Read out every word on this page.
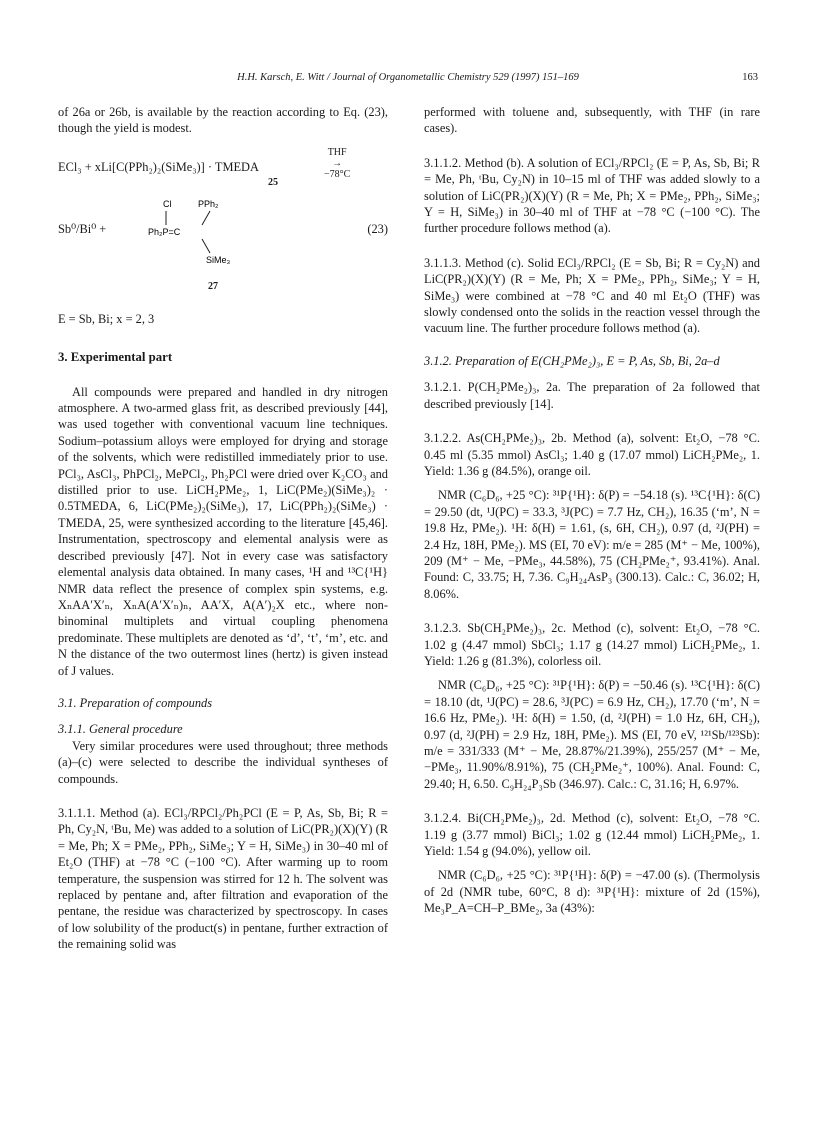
H.H. Karsch, E. Witt / Journal of Organometallic Chemistry 529 (1997) 151–169	163

of 26a or 26b, is available by the reaction according to Eq. (23), though the yield is modest.

ECl₃ + xLi[C(PPh₂)₂(SiMe₃)] · TMEDA
25
THF
→
−78°C
Sb⁰/Bi⁰ +
Cl	PPh₂
Ph₂P=C
SiMe₃
(23)
27

E = Sb, Bi; x = 2, 3

3. Experimental part

All compounds were prepared and handled in dry nitrogen atmosphere. A two-armed glass frit, as described previously [44], was used together with conventional vacuum line techniques. Sodium–potassium alloys were employed for drying and storage of the solvents, which were redistilled immediately prior to use. PCl₃, AsCl₃, PhPCl₂, MePCl₂, Ph₂PCl were dried over K₂CO₃ and distilled prior to use. LiCH₂PMe₂, 1, LiC(PMe₂)(SiMe₃)₂ · 0.5TMEDA, 6, LiC(PMe₂)₂(SiMe₃), 17, LiC(PPh₂)₂(SiMe₃) · TMEDA, 25, were synthesized according to the literature [45,46]. Instrumentation, spectroscopy and elemental analysis were as described previously [47]. Not in every case was satisfactory elemental analysis data obtained. In many cases, ¹H and ¹³C{¹H} NMR data reflect the presence of complex spin systems, e.g. XₙAA′X′ₙ, XₙA(A′X′ₙ)ₙ, AA′X, A(A′)₂X etc., where non-binominal multiplets and virtual coupling phenomena predominate. These multiplets are denoted as ‘d’, ‘t’, ‘m’, etc. and N the distance of the two outermost lines (hertz) is given instead of J values.

3.1. Preparation of compounds

3.1.1. General procedure

Very similar procedures were used throughout; three methods (a)–(c) were selected to describe the individual syntheses of compounds.

3.1.1.1. Method (a). ECl₃/RPCl₂/Ph₂PCl (E = P, As, Sb, Bi; R = Ph, Cy₂N, ᵗBu, Me) was added to a solution of LiC(PR₂)(X)(Y) (R = Me, Ph; X = PMe₂, PPh₂, SiMe₃; Y = H, SiMe₃) in 30–40 ml of Et₂O (THF) at −78 °C (−100 °C). After warming up to room temperature, the suspension was stirred for 12 h. The solvent was replaced by pentane and, after filtration and evaporation of the pentane, the residue was characterized by spectroscopy. In cases of low solubility of the product(s) in pentane, further extraction of the remaining solid was

performed with toluene and, subsequently, with THF (in rare cases).

3.1.1.2. Method (b). A solution of ECl₃/RPCl₂ (E = P, As, Sb, Bi; R = Me, Ph, ᵗBu, Cy₂N) in 10–15 ml of THF was added slowly to a solution of LiC(PR₂)(X)(Y) (R = Me, Ph; X = PMe₂, PPh₂, SiMe₃; Y = H, SiMe₃) in 30–40 ml of THF at −78 °C (−100 °C). The further procedure follows method (a).

3.1.1.3. Method (c). Solid ECl₃/RPCl₂ (E = Sb, Bi; R = Cy₂N) and LiC(PR₂)(X)(Y) (R = Me, Ph; X = PMe₂, PPh₂, SiMe₃; Y = H, SiMe₃) were combined at −78 °C and 40 ml Et₂O (THF) was slowly condensed onto the solids in the reaction vessel through the vacuum line. The further procedure follows method (a).

3.1.2. Preparation of E(CH₂PMe₂)₃, E = P, As, Sb, Bi, 2a–d

3.1.2.1. P(CH₂PMe₂)₃, 2a. The preparation of 2a followed that described previously [14].

3.1.2.2. As(CH₂PMe₂)₃, 2b. Method (a), solvent: Et₂O, −78 °C. 0.45 ml (5.35 mmol) AsCl₃; 1.40 g (17.07 mmol) LiCH₂PMe₂, 1. Yield: 1.36 g (84.5%), orange oil.

NMR (C₆D₆, +25 °C): ³¹P{¹H}: δ(P) = −54.18 (s). ¹³C{¹H}: δ(C) = 29.50 (dt, ¹J(PC) = 33.3, ³J(PC) = 7.7 Hz, CH₂), 16.35 (‘m’, N = 19.8 Hz, PMe₂). ¹H: δ(H) = 1.61, (s, 6H, CH₂), 0.97 (d, ²J(PH) = 2.4 Hz, 18H, PMe₂). MS (EI, 70 eV): m/e = 285 (M⁺ − Me, 100%), 209 (M⁺ − Me, −PMe₃, 44.58%), 75 (CH₂PMe₂⁺, 93.41%). Anal. Found: C, 33.75; H, 7.36. C₉H₂₄AsP₃ (300.13). Calc.: C, 36.02; H, 8.06%.

3.1.2.3. Sb(CH₂PMe₂)₃, 2c. Method (c), solvent: Et₂O, −78 °C. 1.02 g (4.47 mmol) SbCl₃; 1.17 g (14.27 mmol) LiCH₂PMe₂, 1. Yield: 1.26 g (81.3%), colorless oil.

NMR (C₆D₆, +25 °C): ³¹P{¹H}: δ(P) = −50.46 (s). ¹³C{¹H}: δ(C) = 18.10 (dt, ¹J(PC) = 28.6, ³J(PC) = 6.9 Hz, CH₂), 17.70 (‘m’, N = 16.6 Hz, PMe₂). ¹H: δ(H) = 1.50, (d, ²J(PH) = 1.0 Hz, 6H, CH₂), 0.97 (d, ²J(PH) = 2.9 Hz, 18H, PMe₂). MS (EI, 70 eV, ¹²¹Sb/¹²³Sb): m/e = 331/333 (M⁺ − Me, 28.87%/21.39%), 255/257 (M⁺ − Me, −PMe₃, 11.90%/8.91%), 75 (CH₂PMe₂⁺, 100%). Anal. Found: C, 29.40; H, 6.50. C₉H₂₄P₃Sb (346.97). Calc.: C, 31.16; H, 6.97%.

3.1.2.4. Bi(CH₂PMe₂)₃, 2d. Method (c), solvent: Et₂O, −78 °C. 1.19 g (3.77 mmol) BiCl₃; 1.02 g (12.44 mmol) LiCH₂PMe₂, 1. Yield: 1.54 g (94.0%), yellow oil.

NMR (C₆D₆, +25 °C): ³¹P{¹H}: δ(P) = −47.00 (s). (Thermolysis of 2d (NMR tube, 60°C, 8 d): ³¹P{¹H}: mixture of 2d (15%), Me₃P_A=CH–P_BMe₂, 3a (43%):
